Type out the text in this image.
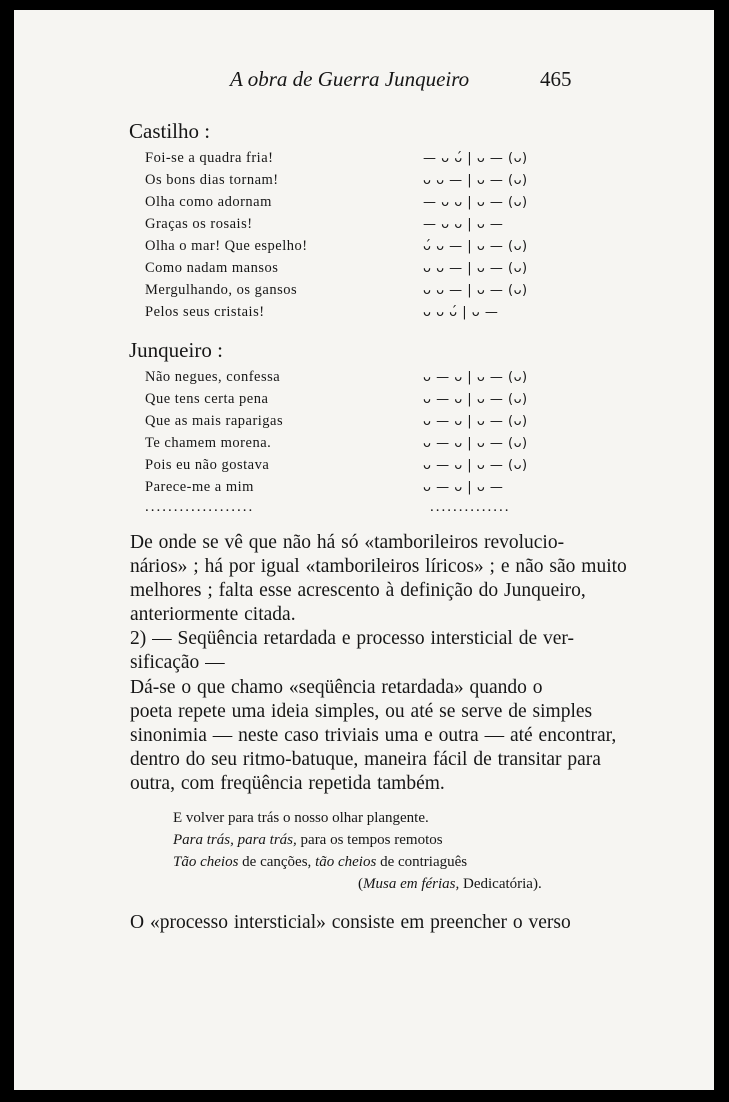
A obra de Guerra Junqueiro	465
Castilho :
Foi-se a quadra fria!	— ᴗ ᴗ́ | ᴗ — (ᴗ)
Os bons dias tornam!	ᴗ ᴗ — | ᴗ — (ᴗ)
Olha como adornam	— ᴗ ᴗ | ᴗ — (ᴗ)
Graças os rosais!	— ᴗ ᴗ | ᴗ —
Olha o mar! Que espelho!	ᴗ́ ᴗ — | ᴗ — (ᴗ)
Como nadam mansos	ᴗ ᴗ — | ᴗ — (ᴗ)
Mergulhando, os gansos	ᴗ ᴗ — | ᴗ — (ᴗ)
Pelos seus cristais!	ᴗ ᴗ ᴗ́ | ᴗ —
Junqueiro :
Não negues, confessa	ᴗ — ᴗ | ᴗ — (ᴗ)
Que tens certa pena	ᴗ — ᴗ | ᴗ — (ᴗ)
Que as mais raparigas	ᴗ — ᴗ | ᴗ — (ᴗ)
Te chamem morena.	ᴗ — ᴗ | ᴗ — (ᴗ)
Pois eu não gostava	ᴗ — ᴗ | ᴗ — (ᴗ)
Parece-me a mim	ᴗ — ᴗ | ᴗ —
...................	..............
De onde se vê que não há só «tamborileiros revolucio-
nários» ; há por igual «tamborileiros líricos» ; e não são muito
melhores ; falta esse acrescento à definição do Junqueiro,
anteriormente citada.
2) — Seqüência retardada e processo intersticial de ver-
sificação —
Dá-se o que chamo «seqüência retardada» quando o
poeta repete uma ideia simples, ou até se serve de simples
sinonimia — neste caso triviais uma e outra — até encontrar,
dentro do seu ritmo-batuque, maneira fácil de transitar para
outra, com freqüência repetida também.
E volver para trás o nosso olhar plangente.
Para trás, para trás, para os tempos remotos
Tão cheios de canções, tão cheios de contriaguês
(Musa em férias, Dedicatória).
O «processo intersticial» consiste em preencher o verso
